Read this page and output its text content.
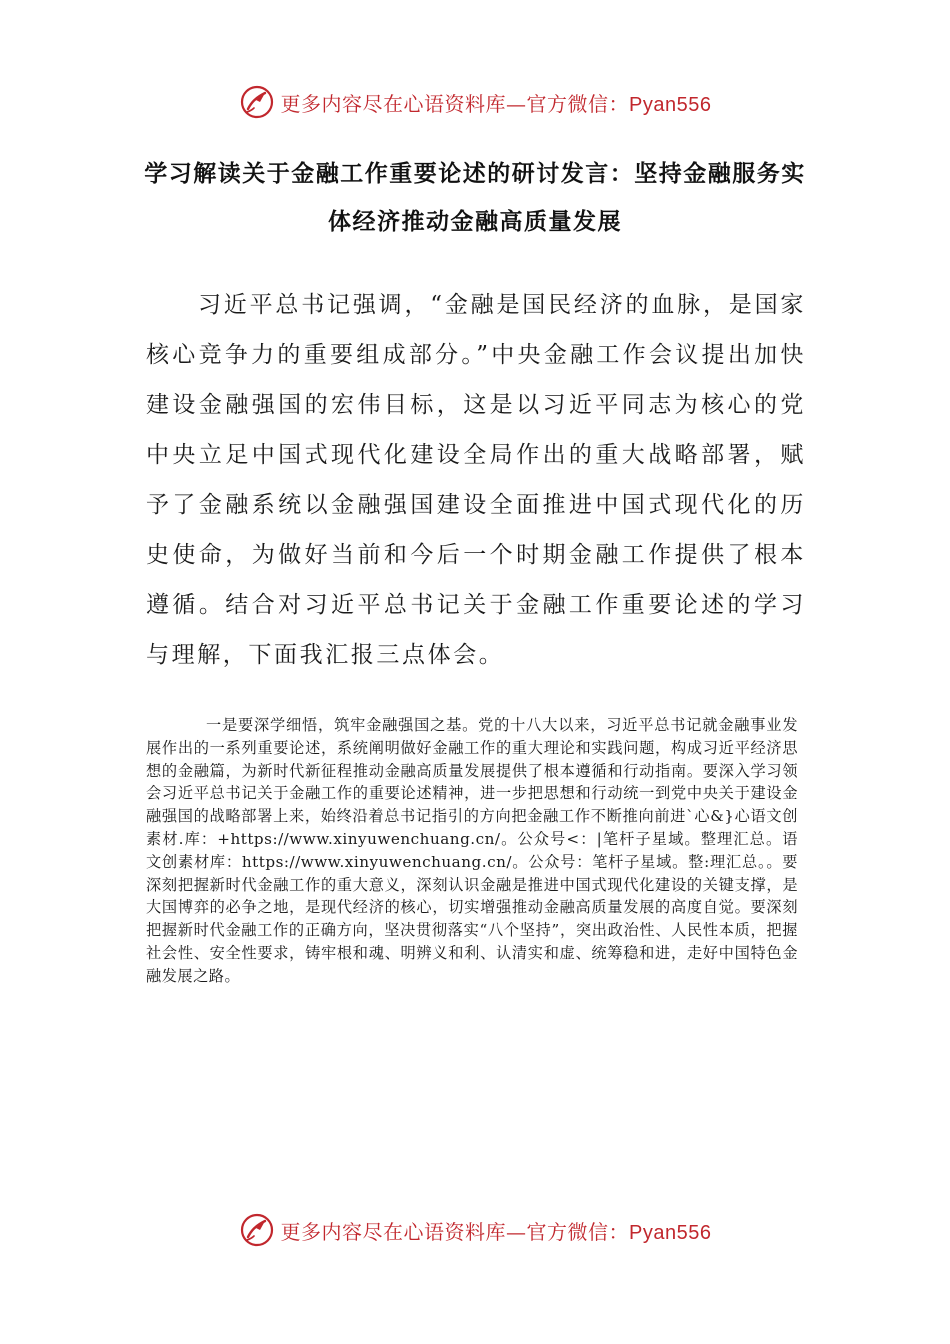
更多内容尽在心语资料库—官方微信：Pyan556
学习解读关于金融工作重要论述的研讨发言：坚持金融服务实体经济推动金融高质量发展

习近平总书记强调，“金融是国民经济的血脉，是国家核心竞争力的重要组成部分。”中央金融工作会议提出加快建设金融强国的宏伟目标，这是以习近平同志为核心的党中央立足中国式现代化建设全局作出的重大战略部署，赋予了金融系统以金融强国建设全面推进中国式现代化的历史使命，为做好当前和今后一个时期金融工作提供了根本遵循。结合对习近平总书记关于金融工作重要论述的学习与理解，下面我汇报三点体会。

一是要深学细悟，筑牢金融强国之基。党的十八大以来，习近平总书记就金融事业发展作出的一系列重要论述，系统阐明做好金融工作的重大理论和实践问题，构成习近平经济思想的金融篇，为新时代新征程推动金融高质量发展提供了根本遵循和行动指南。要深入学习领会习近平总书记关于金融工作的重要论述精神，进一步把思想和行动统一到党中央关于建设金融强国的战略部署上来，始终沿着总书记指引的方向把金融工作不断推向前进`心&}心语文创素材.库：+https://www.xinyuwenchuang.cn/。公众号<：|笔杆子星域。整理汇总。语文创素材库：https://www.xinyuwenchuang.cn/。公众号：笔杆子星域。整:理汇总。。要深刻把握新时代金融工作的重大意义，深刻认识金融是推进中国式现代化建设的关键支撑，是大国博弈的必争之地，是现代经济的核心，切实增强推动金融高质量发展的高度自觉。要深刻把握新时代金融工作的正确方向，坚决贯彻落实“八个坚持”，突出政治性、人民性本质，把握社会性、安全性要求，铸牢根和魂、明辨义和利、认清实和虚、统筹稳和进，走好中国特色金融发展之路。

更多内容尽在心语资料库—官方微信：Pyan556
